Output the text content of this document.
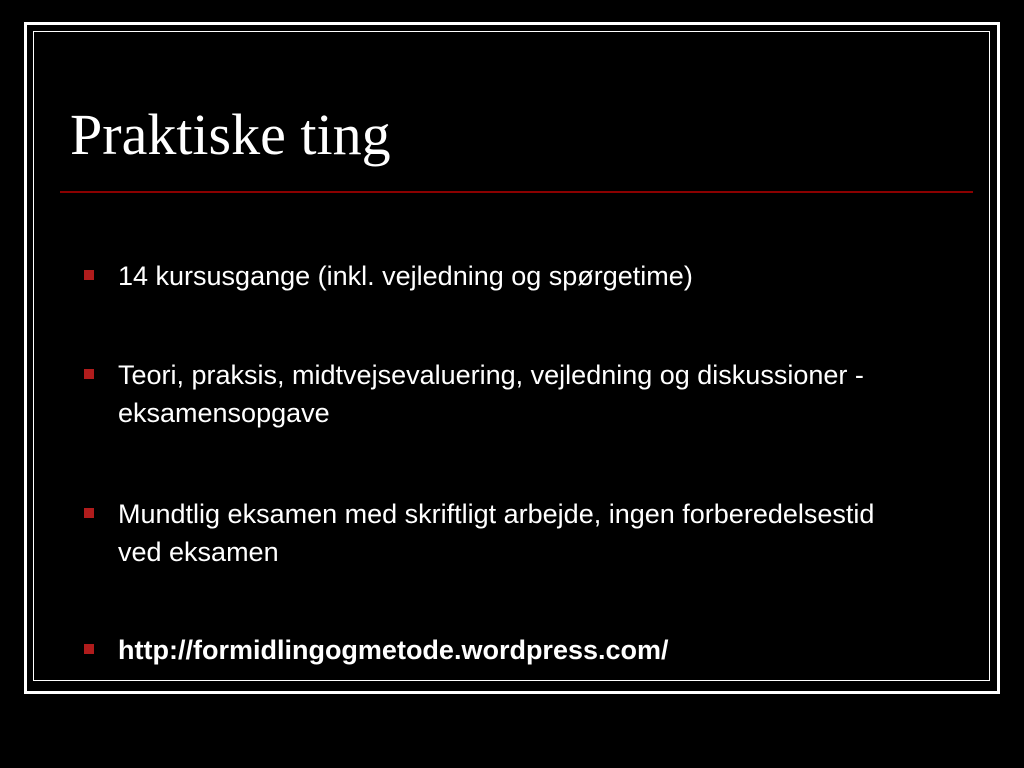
Praktiske ting
14 kursusgange (inkl. vejledning og spørgetime)
Teori, praksis, midtvejsevaluering, vejledning og diskussioner - eksamensopgave
Mundtlig eksamen med skriftligt arbejde, ingen forberedelsestid ved eksamen
http://formidlingogmetode.wordpress.com/
